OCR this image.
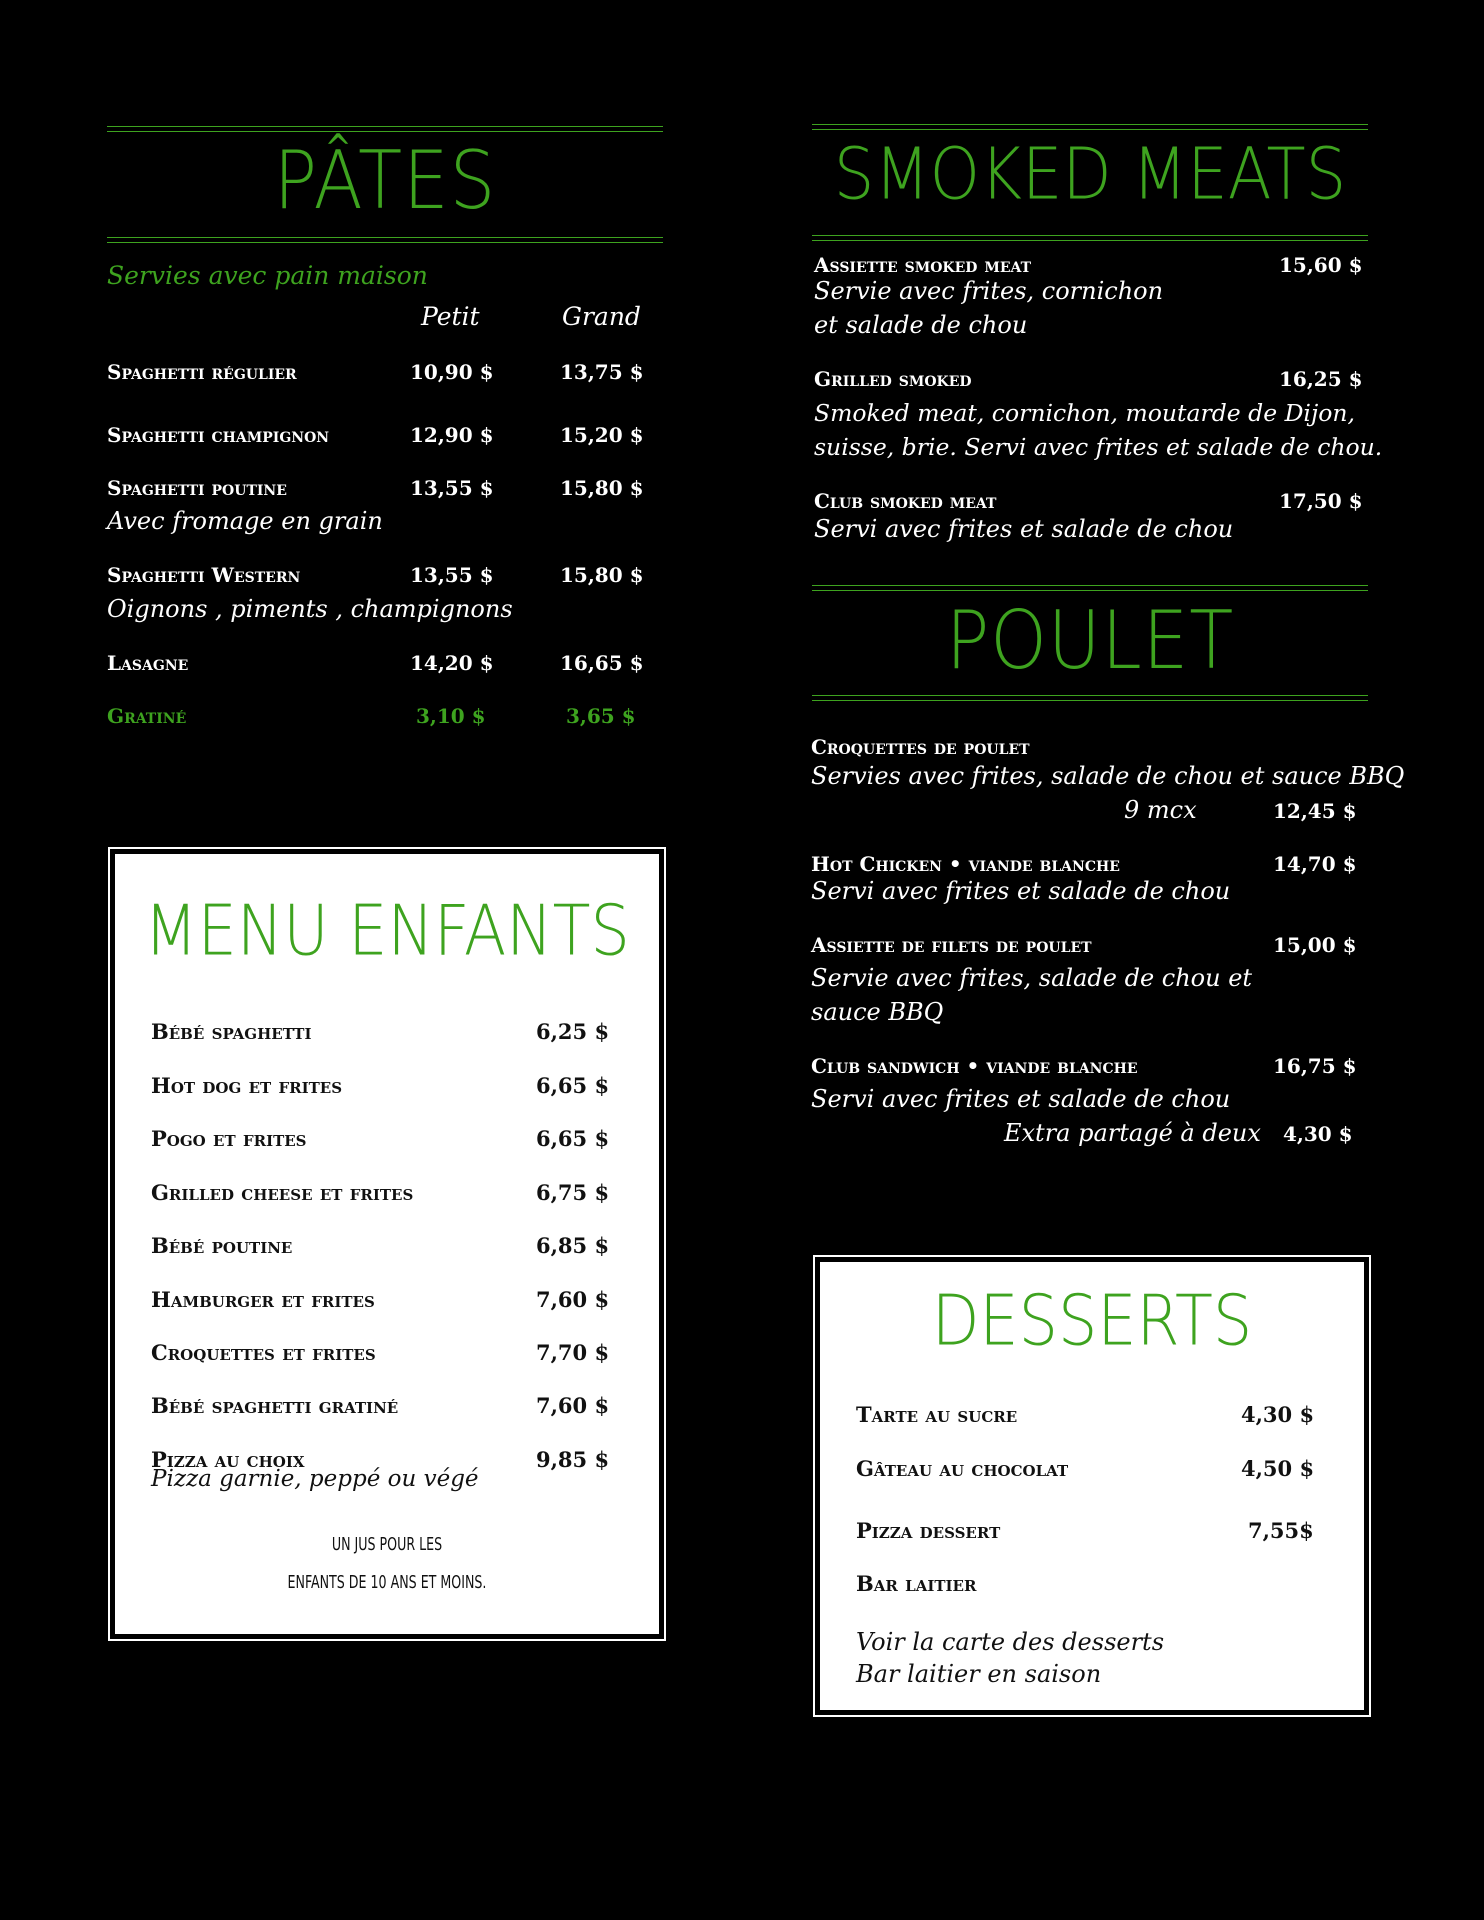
PÂTES
Servies avec pain maison
Petit	Grand
Spaghetti régulier	10,90 $	13,75 $
Spaghetti champignon	12,90 $	15,20 $
Spaghetti poutine	13,55 $	15,80 $
Avec fromage en grain
Spaghetti Western	13,55 $	15,80 $
Oignons , piments , champignons
Lasagne	14,20 $	16,65 $
Gratiné	3,10 $	3,65 $
SMOKED MEATS
Assiette smoked meat	15,60 $
Servie avec frites, cornichon
et salade de chou
Grilled smoked	16,25 $
Smoked meat, cornichon, moutarde de Dijon,
suisse, brie. Servi avec frites et salade de chou.
Club smoked meat	17,50 $
Servi avec frites et salade de chou
POULET
Croquettes de poulet
Servies avec frites, salade de chou et sauce BBQ
9 mcx	12,45 $
Hot Chicken • viande blanche	14,70 $
Servi avec frites et salade de chou
Assiette de filets de poulet	15,00 $
Servie avec frites, salade de chou et
sauce BBQ
Club sandwich • viande blanche	16,75 $
Servi avec frites et salade de chou
Extra partagé à deux 4,30 $
MENU ENFANTS
Bébé spaghetti	6,25 $
Hot dog et frites	6,65 $
Pogo et frites	6,65 $
Grilled cheese et frites	6,75 $
Bébé poutine	6,85 $
Hamburger et frites	7,60 $
Croquettes et frites	7,70 $
Bébé spaghetti gratiné	7,60 $
Pizza au choix	9,85 $
Pizza garnie, peppé ou végé
UN JUS POUR LES
ENFANTS DE 10 ANS ET MOINS.
DESSERTS
Tarte au sucre	4,30 $
Gâteau au chocolat	4,50 $
Pizza dessert	7,55$
Bar laitier
Voir la carte des desserts
Bar laitier en saison
